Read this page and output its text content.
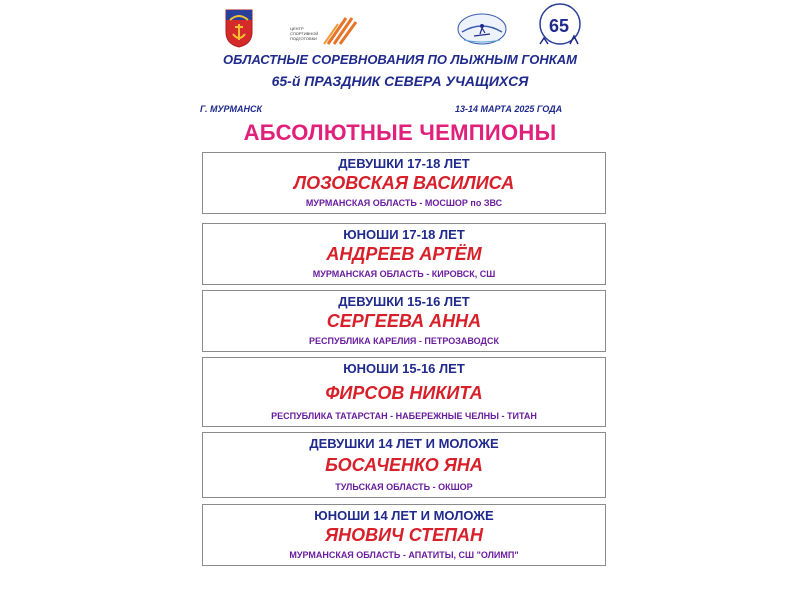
ЦЕНТР
СПОРТИВНОЙ
ПОДГОТОВКИ
65
ОБЛАСТНЫЕ СОРЕВНОВАНИЯ ПО ЛЫЖНЫМ ГОНКАМ
65-й ПРАЗДНИК СЕВЕРА УЧАЩИХСЯ
Г. МУРМАНСК	13-14 МАРТА 2025 ГОДА
АБСОЛЮТНЫЕ ЧЕМПИОНЫ
ДЕВУШКИ 17-18 ЛЕТ
ЛОЗОВСКАЯ ВАСИЛИСА
МУРМАНСКАЯ ОБЛАСТЬ - МОСШОР по ЗВС
ЮНОШИ 17-18 ЛЕТ
АНДРЕЕВ АРТЁМ
МУРМАНСКАЯ ОБЛАСТЬ - КИРОВСК, СШ
ДЕВУШКИ 15-16 ЛЕТ
СЕРГЕЕВА АННА
РЕСПУБЛИКА КАРЕЛИЯ - ПЕТРОЗАВОДСК
ЮНОШИ 15-16 ЛЕТ
ФИРСОВ НИКИТА
РЕСПУБЛИКА ТАТАРСТАН - НАБЕРЕЖНЫЕ ЧЕЛНЫ - ТИТАН
ДЕВУШКИ 14 ЛЕТ И МОЛОЖЕ
БОСАЧЕНКО ЯНА
ТУЛЬСКАЯ ОБЛАСТЬ - ОКШОР
ЮНОШИ 14 ЛЕТ И МОЛОЖЕ
ЯНОВИЧ СТЕПАН
МУРМАНСКАЯ ОБЛАСТЬ - АПАТИТЫ, СШ "ОЛИМП"
